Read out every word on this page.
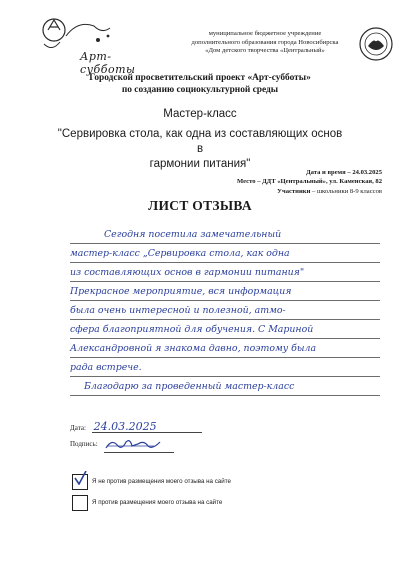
Арт-субботы
муниципальное бюджетное учреждение
дополнительного образования города Новосибирска
«Дом детского творчества «Центральный»
Городской просветительский проект «Арт-субботы»
по созданию социокультурной среды
Мастер-класс
"Сервировка стола, как одна из составляющих основ в
гармонии питания"
Дата и время – 24.03.2025
Место – ДДТ «Центральный», ул. Каменская, 82
Участники – школьники 8-9 классов
ЛИСТ ОТЗЫВА
Сегодня посетила замечательный
мастер-класс „Сервировка стола, как одна
из составляющих основ в гармонии питания"
Прекрасное мероприятие, вся информация
была очень интересной и полезной, атмо-
сфера благоприятной для обучения. С Мариной
Александровной я знакома давно, поэтому была
рада встрече.
Благодарю за проведенный мастер-класс
Дата: 24.03.2025
Подпись:
Я не против размещения моего отзыва на сайте
Я против размещения моего отзыва на сайте
